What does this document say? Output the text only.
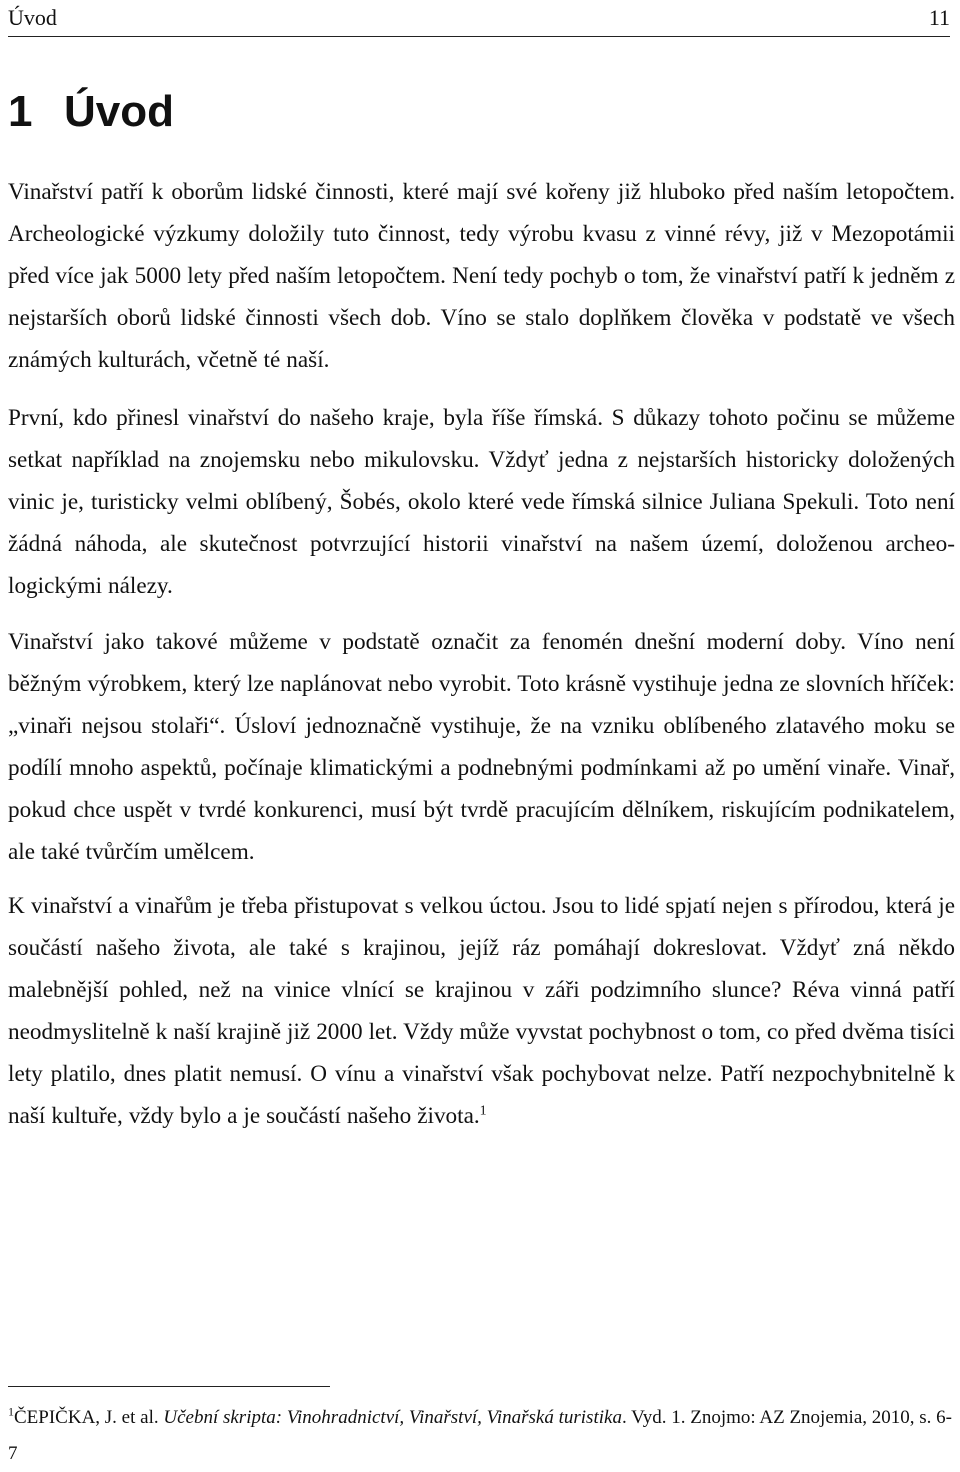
Úvod	11
1 Úvod

Vinařství patří k oborům lidské činnosti, které mají své kořeny již hluboko před naším letopočtem. Archeologické výzkumy doložily tuto činnost, tedy výrobu kvasu z vinné révy, již v Mezopotámii před více jak 5000 lety před naším letopočtem. Není tedy pochyb o tom, že vinařství patří k jedněm z nejstarších oborů lidské činnosti všech dob. Víno se stalo doplňkem člověka v podstatě ve všech známých kulturách, včetně té naší.

První, kdo přinesl vinařství do našeho kraje, byla říše římská. S důkazy tohoto počinu se můžeme setkat například na znojemsku nebo mikulovsku. Vždyť jedna z nejstarších historicky doložených vinic je, turisticky velmi oblíbený, Šobés, okolo které vede římská silnice Juliana Spekuli. Toto není žádná náhoda, ale skutečnost potvrzující historii vinařství na našem území, doloženou archeologickými nálezy.

Vinařství jako takové můžeme v podstatě označit za fenomén dnešní moderní doby. Víno není běžným výrobkem, který lze naplánovat nebo vyrobit. Toto krásně vystihuje jedna ze slovních hříček: „vinaři nejsou stolaři“. Úsloví jednoznačně vystihuje, že na vzniku oblíbeného zlatavého moku se podílí mnoho aspektů, počínaje klimatickými a podnebnými podmínkami až po umění vinaře. Vinař, pokud chce uspět v tvrdé konkurenci, musí být tvrdě pracujícím dělníkem, riskujícím podnikatelem, ale také tvůrčím umělcem.

K vinařství a vinařům je třeba přistupovat s velkou úctou. Jsou to lidé spjatí nejen s přírodou, která je součástí našeho života, ale také s krajinou, jejíž ráz pomáhají dokreslovat. Vždyť zná někdo malebnější pohled, než na vinice vlnící se krajinou v záři podzimního slunce? Réva vinná patří neodmyslitelně k naší krajině již 2000 let. Vždy může vyvstat pochybnost o tom, co před dvěma tisíci lety platilo, dnes platit nemusí. O vínu a vinařství však pochybovat nelze. Patří nezpochybnitelně k naší kultuře, vždy bylo a je součástí našeho života.$^1$

$^1$ČEPIČKA, J. et al. Učební skripta: Vinohradnictví, Vinařství, Vinařská turistika. Vyd. 1. Znojmo: AZ Znojemia, 2010, s. 6-7
